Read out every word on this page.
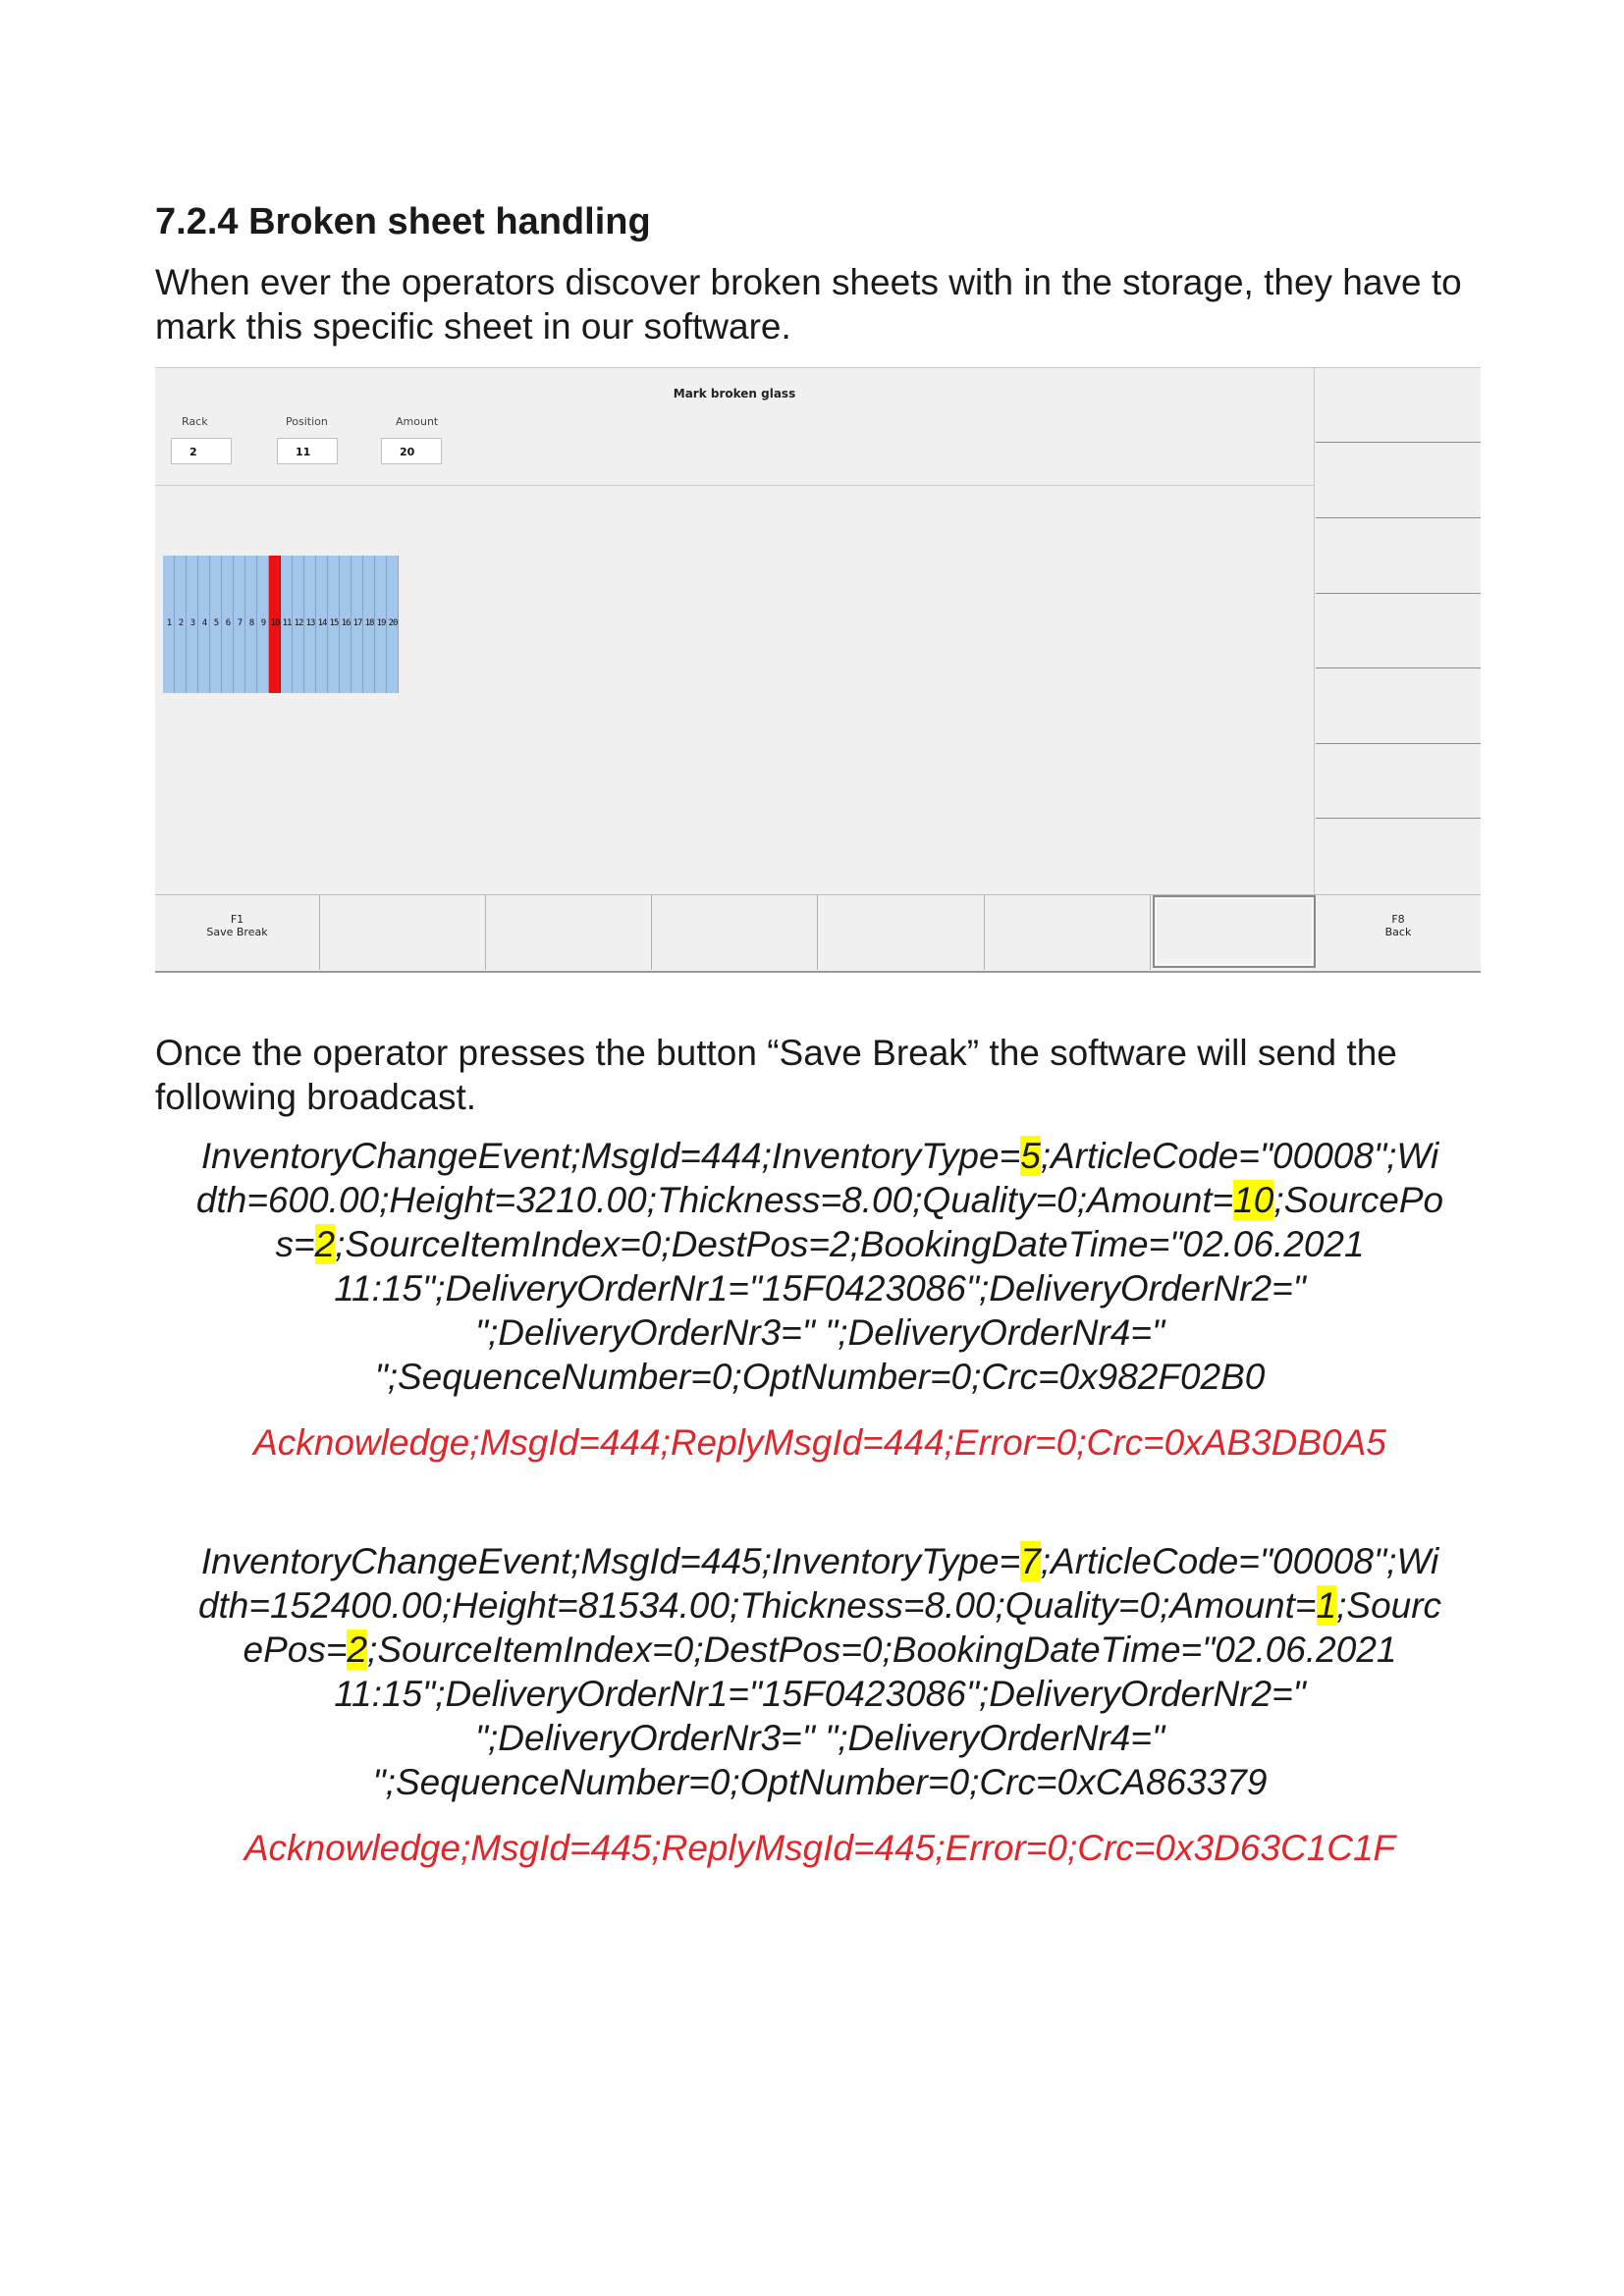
7.2.4 Broken sheet handling
When ever the operators discover broken sheets with in the storage, they have to mark this specific sheet in our software.
Mark broken glass
Rack	Position	Amount
2	11	20
1 2 3 4 5 6 7 8 9 10 11 12 13 14 15 16 17 18 19 20
F1
Save Break
F8
Back
Once the operator presses the button “Save Break” the software will send the following broadcast.
InventoryChangeEvent;MsgId=444;InventoryType=5;ArticleCode="00008";Wi
dth=600.00;Height=3210.00;Thickness=8.00;Quality=0;Amount=10;SourcePo
s=2;SourceItemIndex=0;DestPos=2;BookingDateTime="02.06.2021
11:15";DeliveryOrderNr1="15F0423086";DeliveryOrderNr2="
";DeliveryOrderNr3=" ";DeliveryOrderNr4="
";SequenceNumber=0;OptNumber=0;Crc=0x982F02B0
Acknowledge;MsgId=444;ReplyMsgId=444;Error=0;Crc=0xAB3DB0A5
InventoryChangeEvent;MsgId=445;InventoryType=7;ArticleCode="00008";Wi
dth=152400.00;Height=81534.00;Thickness=8.00;Quality=0;Amount=1;Sourc
ePos=2;SourceItemIndex=0;DestPos=0;BookingDateTime="02.06.2021
11:15";DeliveryOrderNr1="15F0423086";DeliveryOrderNr2="
";DeliveryOrderNr3=" ";DeliveryOrderNr4="
";SequenceNumber=0;OptNumber=0;Crc=0xCA863379
Acknowledge;MsgId=445;ReplyMsgId=445;Error=0;Crc=0x3D63C1C1F
